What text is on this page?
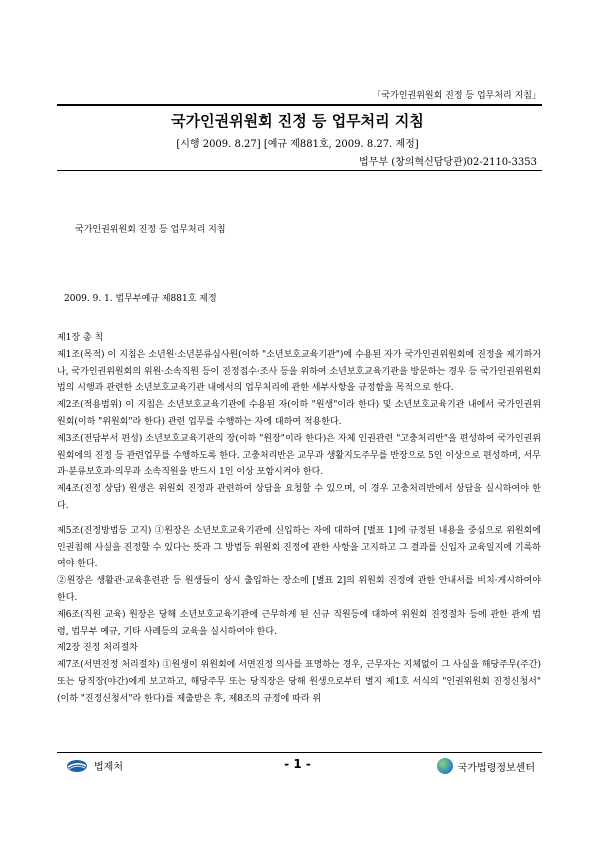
「국가인권위원회 진정 등 업무처리 지침」
국가인권위원회 진정 등 업무처리 지침
[시행 2009. 8.27] [예규 제881호, 2009. 8.27. 제정]
법무부 (창의혁신담당관)02-2110-3353
국가인권위원회 진정 등 업무처리 지침
2009. 9. 1. 법무부예규 제881호 제정

제1장 총 칙

제1조(목적) 이 지침은 소년원·소년분류심사원(이하 "소년보호교육기관")에 수용된 자가 국가인권위원회에 진정을 제기하거나, 국가인권위원회의 위원·소속직원 등이 진정접수·조사 등을 위하여 소년보호교육기관을 방문하는 경우 등 국가인권위원회법의 시행과 관련한 소년보호교육기관 내에서의 업무처리에 관한 세부사항을 규정함을 목적으로 한다.

제2조(적용범위) 이 지침은 소년보호교육기관에 수용된 자(이하 "원생"이라 한다) 및 소년보호교육기관 내에서 국가인권위원회(이하 "위원회"라 한다) 관련 업무를 수행하는 자에 대하여 적용한다.

제3조(전담부서 편성) 소년보호교육기관의 장(이하 "원장"이라 한다)은 자체 인권관련 "고충처리반"을 편성하여 국가인권위원회에의 진정 등 관련업무를 수행하도록 한다. 고충처리반은 교무과 생활지도주무를 반장으로 5인 이상으로 편성하며, 서무과·분류보호과·의무과 소속직원을 반드시 1인 이상 포함시켜야 한다.

제4조(진정 상담) 원생은 위원회 진정과 관련하여 상담을 요청할 수 있으며, 이 경우 고충처리반에서 상담을 실시하여야 한다.

제5조(진정방법등 고지) ①원장은 소년보호교육기관에 신입하는 자에 대하여 [별표 1]에 규정된 내용을 중심으로 위원회에 인권침해 사실을 진정할 수 있다는 뜻과 그 방법등 위원회 진정에 관한 사항을 고지하고 그 결과를 신입자 교육일지에 기록하여야 한다.

②원장은 생활관·교육훈련관 등 원생들이 상시 출입하는 장소에 [별표 2]의 위원회 진정에 관한 안내서를 비치·게시하여야 한다.

제6조(직원 교육) 원장은 당해 소년보호교육기관에 근무하게 된 신규 직원등에 대하여 위원회 진정절차 등에 관한 관계 법령, 법무부 예규, 기타 사례등의 교육을 실시하여야 한다.

제2장 진정 처리절차

제7조(서면진정 처리절차) ①원생이 위원회에 서면진정 의사를 표명하는 경우, 근무자는 지체없이 그 사실을 해당주무(주간) 또는 당직장(야간)에게 보고하고, 해당주무 또는 당직장은 당해 원생으로부터 별지 제1호 서식의 "인권위원회 진정신청서" (이하 "진정신청서"라 한다)를 제출받은 후, 제8조의 규정에 따라 위

법제처	- 1 -	국가법령정보센터
